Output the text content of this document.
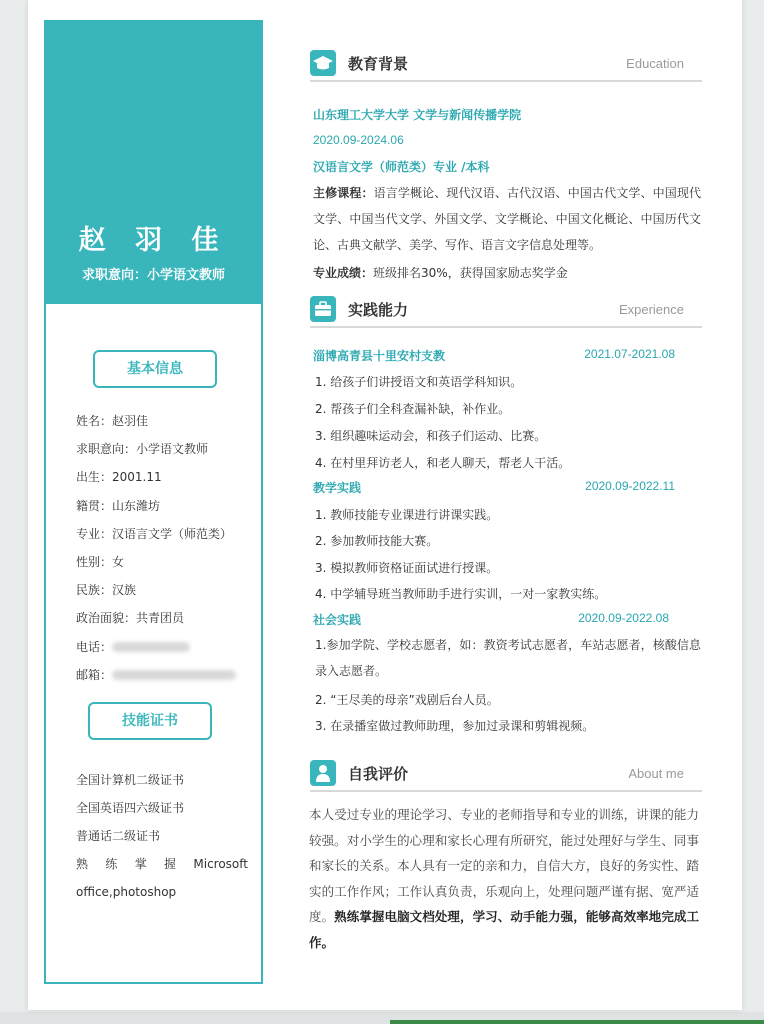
赵 羽 佳
求职意向：小学语文教师
基本信息
姓名：赵羽佳
求职意向：小学语文教师
出生：2001.11
籍贯：山东潍坊
专业：汉语言文学（师范类）
性别：女
民族：汉族
政治面貌：共青团员
电话：
邮箱：
技能证书
全国计算机二级证书
全国英语四六级证书
普通话二级证书
熟 练 掌 握 Microsoft
office,photoshop
教育背景	Education
山东理工大学大学 文学与新闻传播学院
2020.09-2024.06
汉语言文学（师范类）专业 /本科
主修课程：语言学概论、现代汉语、古代汉语、中国古代文学、中国现代文学、中国当代文学、外国文学、文学概论、中国文化概论、中国历代文论、古典文献学、美学、写作、语言文字信息处理等。
专业成绩：班级排名30%，获得国家励志奖学金
实践能力	Experience
淄博高青县十里安村支教	2021.07-2021.08
1. 给孩子们讲授语文和英语学科知识。
2. 帮孩子们全科查漏补缺，补作业。
3. 组织趣味运动会，和孩子们运动、比赛。
4. 在村里拜访老人，和老人聊天，帮老人干活。
教学实践	2020.09-2022.11
1. 教师技能专业课进行讲课实践。
2. 参加教师技能大赛。
3. 模拟教师资格证面试进行授课。
4. 中学辅导班当教师助手进行实训，一对一家教实练。
社会实践	2020.09-2022.08
1.参加学院、学校志愿者，如：教资考试志愿者，车站志愿者，核酸信息录入志愿者。
2. “王尽美的母亲”戏剧后台人员。
3. 在录播室做过教师助理，参加过录课和剪辑视频。
自我评价	About me
本人受过专业的理论学习、专业的老师指导和专业的训练，讲课的能力较强。对小学生的心理和家长心理有所研究，能过处理好与学生、同事和家长的关系。本人具有一定的亲和力，自信大方，良好的务实性、踏实的工作作风；工作认真负责，乐观向上，处理问题严谨有据、宽严适度。熟练掌握电脑文档处理，学习、动手能力强，能够高效率地完成工作。
